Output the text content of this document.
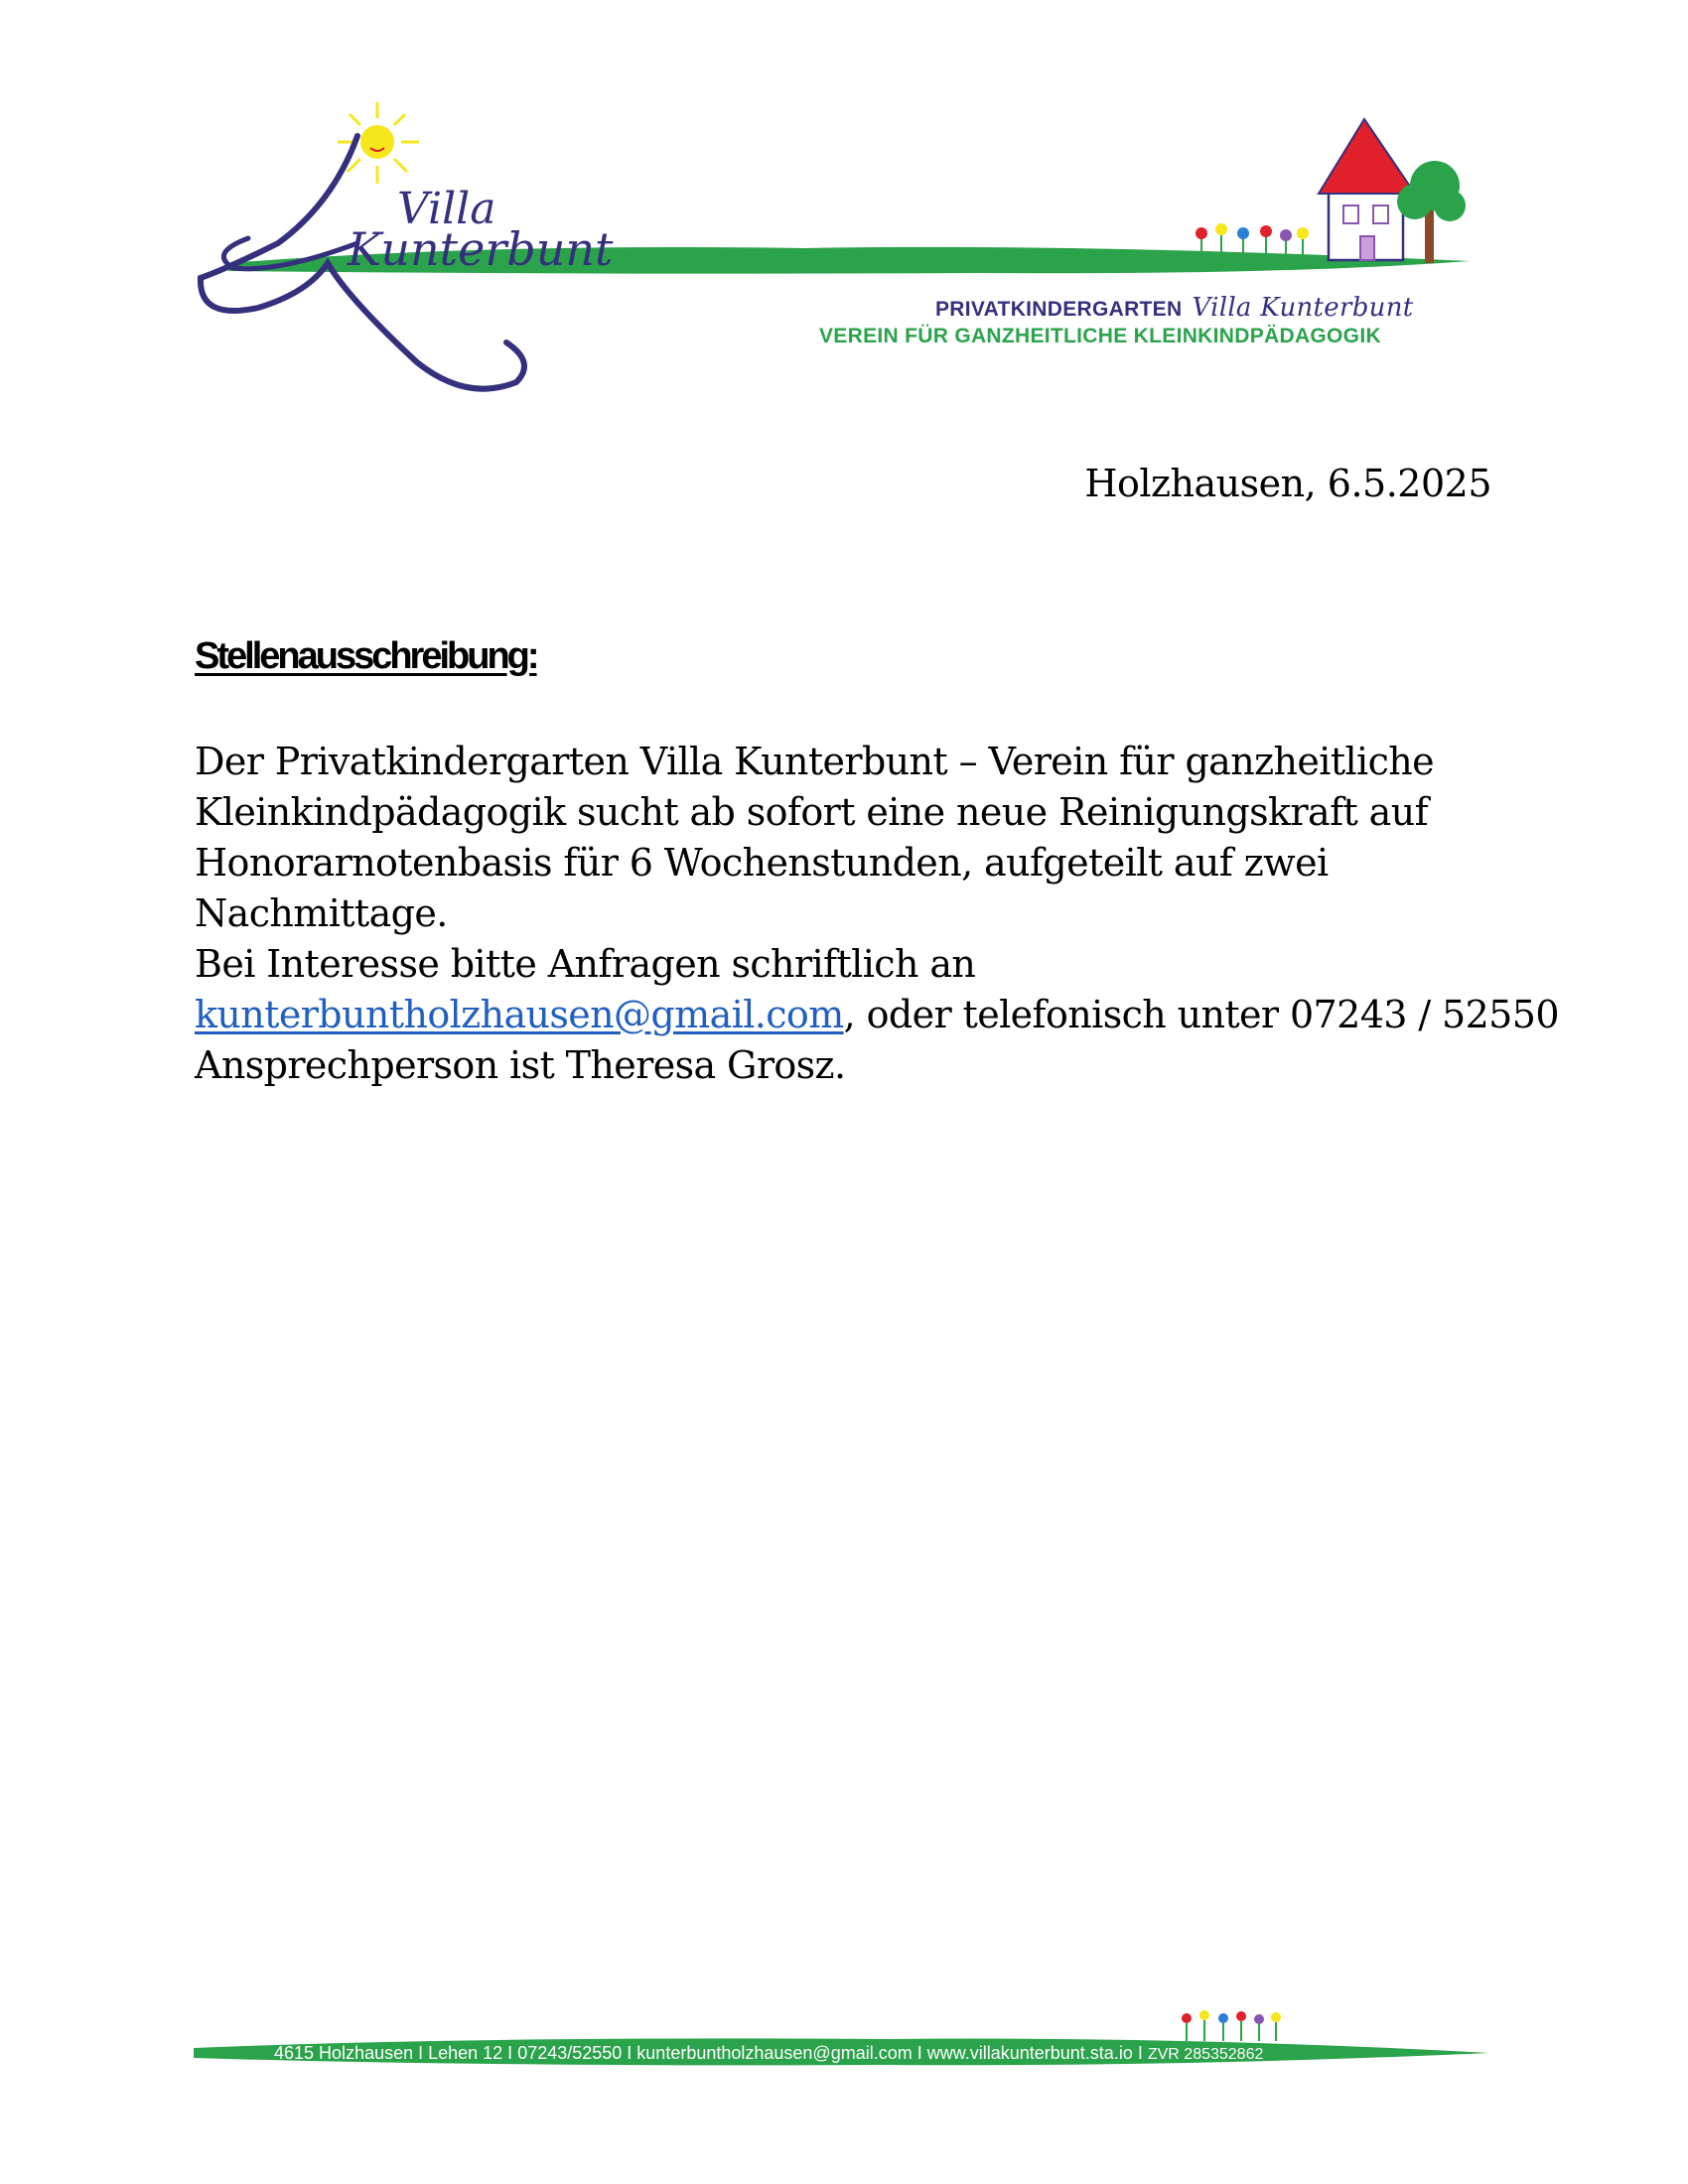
Villa
Kunterbunt
PRIVATKINDERGARTEN Villa Kunterbunt
VEREIN FÜR GANZHEITLICHE KLEINKINDPÄDAGOGIK
Holzhausen, 6.5.2025
Stellenausschreibung:

Der Privatkindergarten Villa Kunterbunt – Verein für ganzheitliche

Kleinkindpädagogik sucht ab sofort eine neue Reinigungskraft auf

Honorarnotenbasis für 6 Wochenstunden, aufgeteilt auf zwei

Nachmittage.

Bei Interesse bitte Anfragen schriftlich an

kunterbuntholzhausen@gmail.com, oder telefonisch unter 07243 / 52550

Ansprechperson ist Theresa Grosz.

4615 Holzhausen I Lehen 12 I 07243/52550 I kunterbuntholzhausen@gmail.com I www.villakunterbunt.sta.io I ZVR 285352862
